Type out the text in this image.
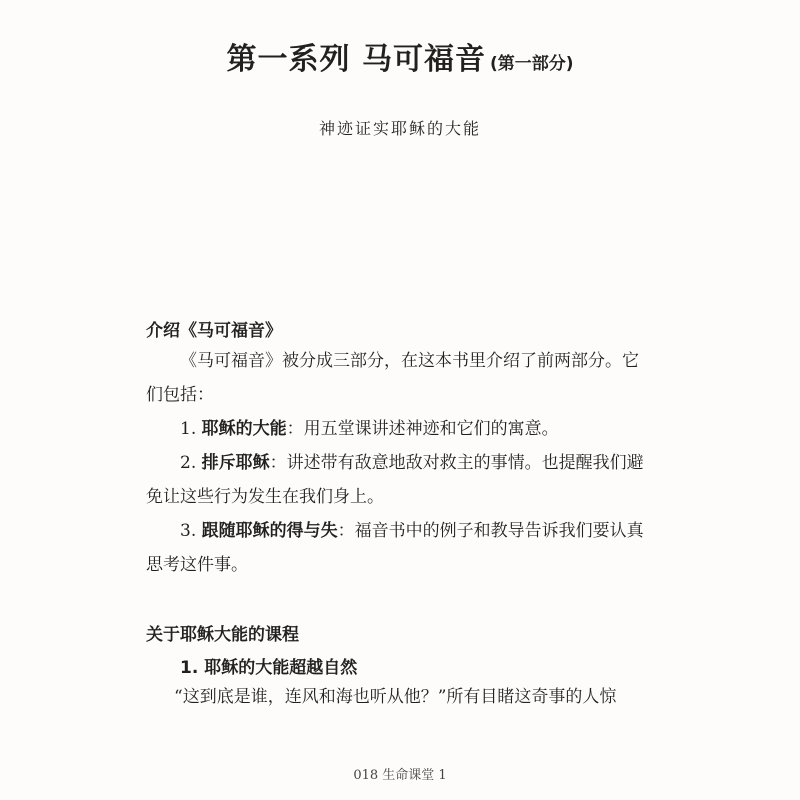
第一系列 马可福音 (第一部分)
神迹证实耶稣的大能
介绍《马可福音》
《马可福音》被分成三部分，在这本书里介绍了前两部分。它们包括：
1. 耶稣的大能：用五堂课讲述神迹和它们的寓意。
2. 排斥耶稣：讲述带有敌意地敌对救主的事情。也提醒我们避免让这些行为发生在我们身上。
3. 跟随耶稣的得与失：福音书中的例子和教导告诉我们要认真思考这件事。
关于耶稣大能的课程
1. 耶稣的大能超越自然
“这到底是谁，连风和海也听从他？”所有目睹这奇事的人惊
018 生命课堂 1
